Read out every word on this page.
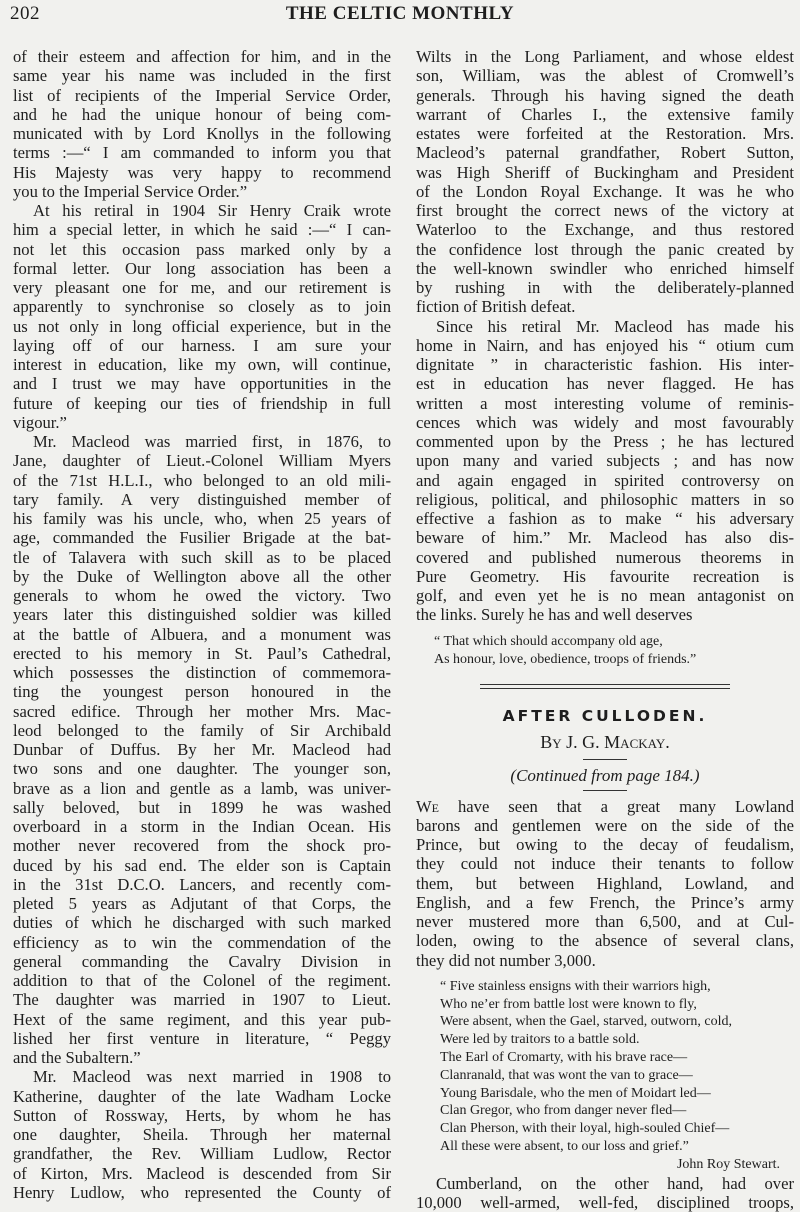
202	THE CELTIC MONTHLY
of their esteem and affection for him, and in the
same year his name was included in the first
list of recipients of the Imperial Service Order,
and he had the unique honour of being com-
municated with by Lord Knollys in the following
terms :—“ I am commanded to inform you that
His Majesty was very happy to recommend
you to the Imperial Service Order.”
At his retiral in 1904 Sir Henry Craik wrote
him a special letter, in which he said :—“ I can-
not let this occasion pass marked only by a
formal letter. Our long association has been a
very pleasant one for me, and our retirement is
apparently to synchronise so closely as to join
us not only in long official experience, but in the
laying off of our harness. I am sure your
interest in education, like my own, will continue,
and I trust we may have opportunities in the
future of keeping our ties of friendship in full
vigour.”
Mr. Macleod was married first, in 1876, to
Jane, daughter of Lieut.-Colonel William Myers
of the 71st H.L.I., who belonged to an old mili-
tary family. A very distinguished member of
his family was his uncle, who, when 25 years of
age, commanded the Fusilier Brigade at the bat-
tle of Talavera with such skill as to be placed
by the Duke of Wellington above all the other
generals to whom he owed the victory. Two
years later this distinguished soldier was killed
at the battle of Albuera, and a monument was
erected to his memory in St. Paul’s Cathedral,
which possesses the distinction of commemora-
ting the youngest person honoured in the
sacred edifice. Through her mother Mrs. Mac-
leod belonged to the family of Sir Archibald
Dunbar of Duffus. By her Mr. Macleod had
two sons and one daughter. The younger son,
brave as a lion and gentle as a lamb, was univer-
sally beloved, but in 1899 he was washed
overboard in a storm in the Indian Ocean. His
mother never recovered from the shock pro-
duced by his sad end. The elder son is Captain
in the 31st D.C.O. Lancers, and recently com-
pleted 5 years as Adjutant of that Corps, the
duties of which he discharged with such marked
efficiency as to win the commendation of the
general commanding the Cavalry Division in
addition to that of the Colonel of the regiment.
The daughter was married in 1907 to Lieut.
Hext of the same regiment, and this year pub-
lished her first venture in literature, “ Peggy
and the Subaltern.”
Mr. Macleod was next married in 1908 to
Katherine, daughter of the late Wadham Locke
Sutton of Rossway, Herts, by whom he has
one daughter, Sheila. Through her maternal
grandfather, the Rev. William Ludlow, Rector
of Kirton, Mrs. Macleod is descended from Sir
Henry Ludlow, who represented the County of
Wilts in the Long Parliament, and whose eldest
son, William, was the ablest of Cromwell’s
generals. Through his having signed the death
warrant of Charles I., the extensive family
estates were forfeited at the Restoration. Mrs.
Macleod’s paternal grandfather, Robert Sutton,
was High Sheriff of Buckingham and President
of the London Royal Exchange. It was he who
first brought the correct news of the victory at
Waterloo to the Exchange, and thus restored
the confidence lost through the panic created by
the well-known swindler who enriched himself
by rushing in with the deliberately-planned
fiction of British defeat.
Since his retiral Mr. Macleod has made his
home in Nairn, and has enjoyed his “ otium cum
dignitate ” in characteristic fashion. His inter-
est in education has never flagged. He has
written a most interesting volume of reminis-
cences which was widely and most favourably
commented upon by the Press ; he has lectured
upon many and varied subjects ; and has now
and again engaged in spirited controversy on
religious, political, and philosophic matters in so
effective a fashion as to make “ his adversary
beware of him.” Mr. Macleod has also dis-
covered and published numerous theorems in
Pure Geometry. His favourite recreation is
golf, and even yet he is no mean antagonist on
the links. Surely he has and well deserves
“ That which should accompany old age,
As honour, love, obedience, troops of friends.”
AFTER CULLODEN.
By J. G. Mackay.
(Continued from page 184.)
We have seen that a great many Lowland
barons and gentlemen were on the side of the
Prince, but owing to the decay of feudalism,
they could not induce their tenants to follow
them, but between Highland, Lowland, and
English, and a few French, the Prince’s army
never mustered more than 6,500, and at Cul-
loden, owing to the absence of several clans,
they did not number 3,000.
“ Five stainless ensigns with their warriors high,
Who ne’er from battle lost were known to fly,
Were absent, when the Gael, starved, outworn, cold,
Were led by traitors to a battle sold.
The Earl of Cromarty, with his brave race—
Clanranald, that was wont the van to grace—
Young Barisdale, who the men of Moidart led—
Clan Gregor, who from danger never fled—
Clan Pherson, with their loyal, high-souled Chief—
All these were absent, to our loss and grief.”
John Roy Stewart.
Cumberland, on the other hand, had over
10,000 well-armed, well-fed, disciplined troops,
